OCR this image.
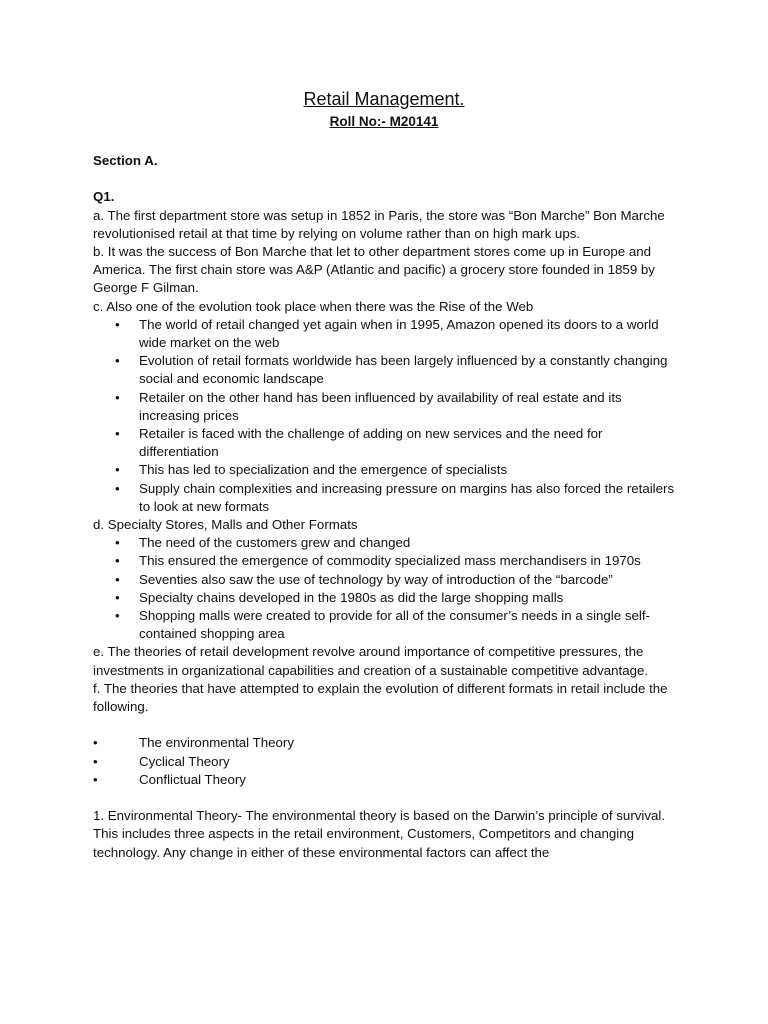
Retail Management.
Roll No:- M20141

Section A.

Q1.

a. The first department store was setup in 1852 in Paris, the store was “Bon Marche” Bon Marche revolutionised retail at that time by relying on volume rather than on high mark ups.

b. It was the success of Bon Marche that let to other department stores come up in Europe and America. The first chain store was A&P (Atlantic and pacific) a grocery store founded in 1859 by George F Gilman.

c. Also one of the evolution took place when there was the Rise of the Web

• The world of retail changed yet again when in 1995, Amazon opened its doors to a world wide market on the web
• Evolution of retail formats worldwide has been largely influenced by a constantly changing social and economic landscape
• Retailer on the other hand has been influenced by availability of real estate and its increasing prices
• Retailer is faced with the challenge of adding on new services and the need for differentiation
• This has led to specialization and the emergence of specialists
• Supply chain complexities and increasing pressure on margins has also forced the retailers to look at new formats

d. Specialty Stores, Malls and Other Formats

• The need of the customers grew and changed
• This ensured the emergence of commodity specialized mass merchandisers in 1970s
• Seventies also saw the use of technology by way of introduction of the “barcode”
• Specialty chains developed in the 1980s as did the large shopping malls
• Shopping malls were created to provide for all of the consumer’s needs in a single self-contained shopping area

e. The theories of retail development revolve around importance of competitive pressures, the investments in organizational capabilities and creation of a sustainable competitive advantage.

f. The theories that have attempted to explain the evolution of different formats in retail include the following.

•	The environmental Theory
•	Cyclical Theory
•	Conflictual Theory

1. Environmental Theory- The environmental theory is based on the Darwin’s principle of survival. This includes three aspects in the retail environment, Customers, Competitors and changing technology. Any change in either of these environmental factors can affect the
